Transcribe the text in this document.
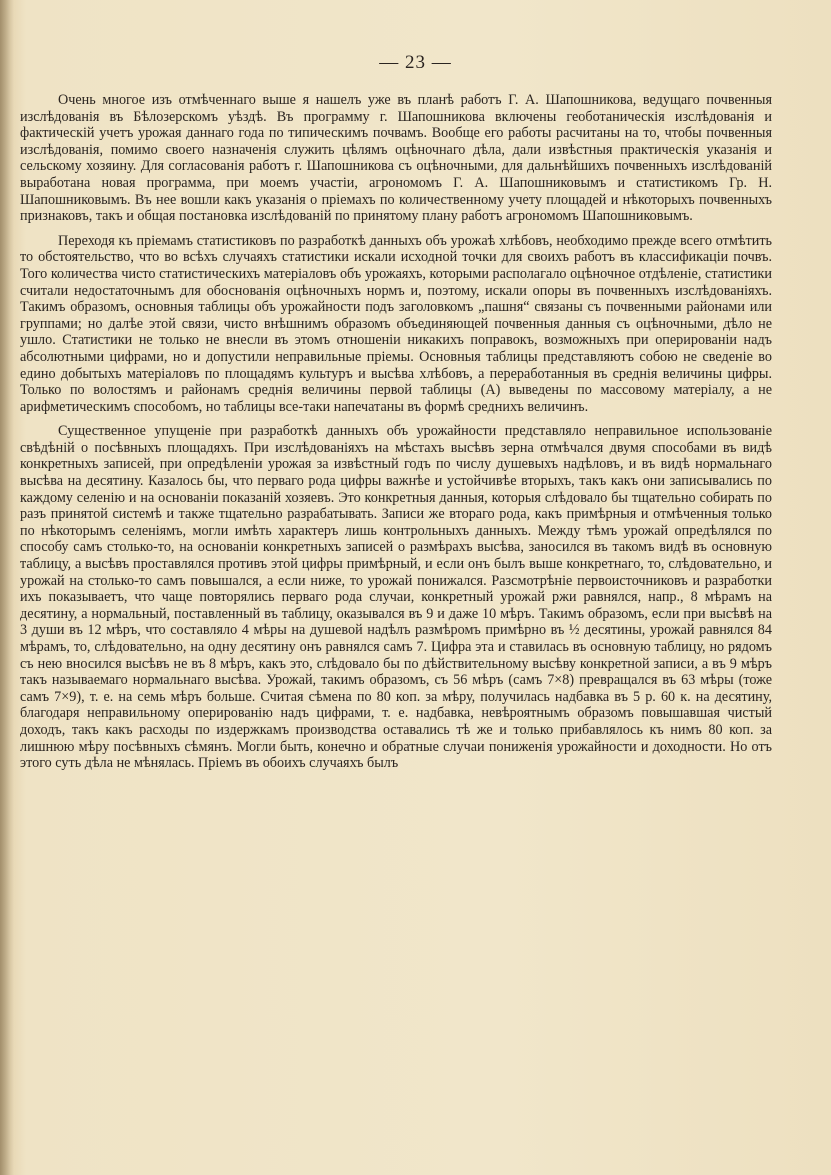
— 23 —

Очень многое изъ отмѣченнаго выше я нашелъ уже въ планѣ работъ Г. А. Шапошникова, ведущаго почвенныя изслѣдованія въ Бѣлозерскомъ уѣздѣ. Въ программу г. Шапошникова включены геоботаническія изслѣдованія и фактическій учетъ урожая даннаго года по типическимъ почвамъ. Вообще его работы расчитаны на то, чтобы почвенныя изслѣдованія, помимо своего назначенія служить цѣлямъ оцѣночнаго дѣла, дали извѣстныя практическія указанія и сельскому хозяину. Для согласованія работъ г. Шапошникова съ оцѣночными, для дальнѣйшихъ почвенныхъ изслѣдованій выработана новая программа, при моемъ участіи, агрономомъ Г. А. Шапошниковымъ и статистикомъ Гр. Н. Шапошниковымъ. Въ нее вошли какъ указанія о пріемахъ по количественному учету площадей и нѣкоторыхъ почвенныхъ признаковъ, такъ и общая постановка изслѣдованій по принятому плану работъ агрономомъ Шапошниковымъ.

Переходя къ пріемамъ статистиковъ по разработкѣ данныхъ объ урожаѣ хлѣбовъ, необходимо прежде всего отмѣтить то обстоятельство, что во всѣхъ случаяхъ статистики искали исходной точки для своихъ работъ въ классификаціи почвъ. Того количества чисто статистическихъ матеріаловъ объ урожаяхъ, которыми располагало оцѣночное отдѣленіе, статистики считали недостаточнымъ для обоснованія оцѣночныхъ нормъ и, поэтому, искали опоры въ почвенныхъ изслѣдованіяхъ. Такимъ образомъ, основныя таблицы объ урожайности подъ заголовкомъ „пашня“ связаны съ почвенными районами или группами; но далѣе этой связи, чисто внѣшнимъ образомъ объединяющей почвенныя данныя съ оцѣночными, дѣло не ушло. Статистики не только не внесли въ этомъ отношеніи никакихъ поправокъ, возможныхъ при оперированіи надъ абсолютными цифрами, но и допустили неправильные пріемы. Основныя таблицы представляютъ собою не сведеніе во едино добытыхъ матеріаловъ по площадямъ культуръ и высѣва хлѣбовъ, а переработанныя въ среднія величины цифры. Только по волостямъ и районамъ среднія величины первой таблицы (А) выведены по массовому матеріалу, а не арифметическимъ способомъ, но таблицы все-таки напечатаны въ формѣ среднихъ величинъ.

Существенное упущеніе при разработкѣ данныхъ объ урожайности представляло неправильное использованіе свѣдѣній о посѣвныхъ площадяхъ. При изслѣдованіяхъ на мѣстахъ высѣвъ зерна отмѣчался двумя способами въ видѣ конкретныхъ записей, при опредѣленіи урожая за извѣстный годъ по числу душевыхъ надѣловъ, и въ видѣ нормальнаго высѣва на десятину. Казалось бы, что перваго рода цифры важнѣе и устойчивѣе вторыхъ, такъ какъ они записывались по каждому селенію и на основаніи показаній хозяевъ. Это конкретныя данныя, которыя слѣдовало бы тщательно собирать по разъ принятой системѣ и также тщательно разрабатывать. Записи же втораго рода, какъ примѣрныя и отмѣченныя только по нѣкоторымъ селеніямъ, могли имѣть характеръ лишь контрольныхъ данныхъ. Между тѣмъ урожай опредѣлялся по способу самъ столько-то, на основаніи конкретныхъ записей о размѣрахъ высѣва, заносился въ такомъ видѣ въ основную таблицу, а высѣвъ проставлялся противъ этой цифры примѣрный, и если онъ былъ выше конкретнаго, то, слѣдовательно, и урожай на столько-то самъ повышался, а если ниже, то урожай понижался. Разсмотрѣніе первоисточниковъ и разработки ихъ показываетъ, что чаще повторялись перваго рода случаи, конкретный урожай ржи равнялся, напр., 8 мѣрамъ на десятину, а нормальный, поставленный въ таблицу, оказывался въ 9 и даже 10 мѣръ. Такимъ образомъ, если при высѣвѣ на 3 души въ 12 мѣръ, что составляло 4 мѣры на душевой надѣлъ размѣромъ примѣрно въ ½ десятины, урожай равнялся 84 мѣрамъ, то, слѣдовательно, на одну десятину онъ равнялся самъ 7. Цифра эта и ставилась въ основную таблицу, но рядомъ съ нею вносился высѣвъ не въ 8 мѣръ, какъ это, слѣдовало бы по дѣйствительному высѣву конкретной записи, а въ 9 мѣръ такъ называемаго нормальнаго высѣва. Урожай, такимъ образомъ, съ 56 мѣръ (самъ 7×8) превращался въ 63 мѣры (тоже самъ 7×9), т. е. на семь мѣръ больше. Считая сѣмена по 80 коп. за мѣру, получилась надбавка въ 5 р. 60 к. на десятину, благодаря неправильному оперированію надъ цифрами, т. е. надбавка, невѣроятнымъ образомъ повышавшая чистый доходъ, такъ какъ расходы по издержкамъ производства оставались тѣ же и только прибавлялось къ нимъ 80 коп. за лишнюю мѣру посѣвныхъ сѣмянъ. Могли быть, конечно и обратные случаи пониженія урожайности и доходности. Но отъ этого суть дѣла не мѣнялась. Пріемъ въ обоихъ случаяхъ былъ
